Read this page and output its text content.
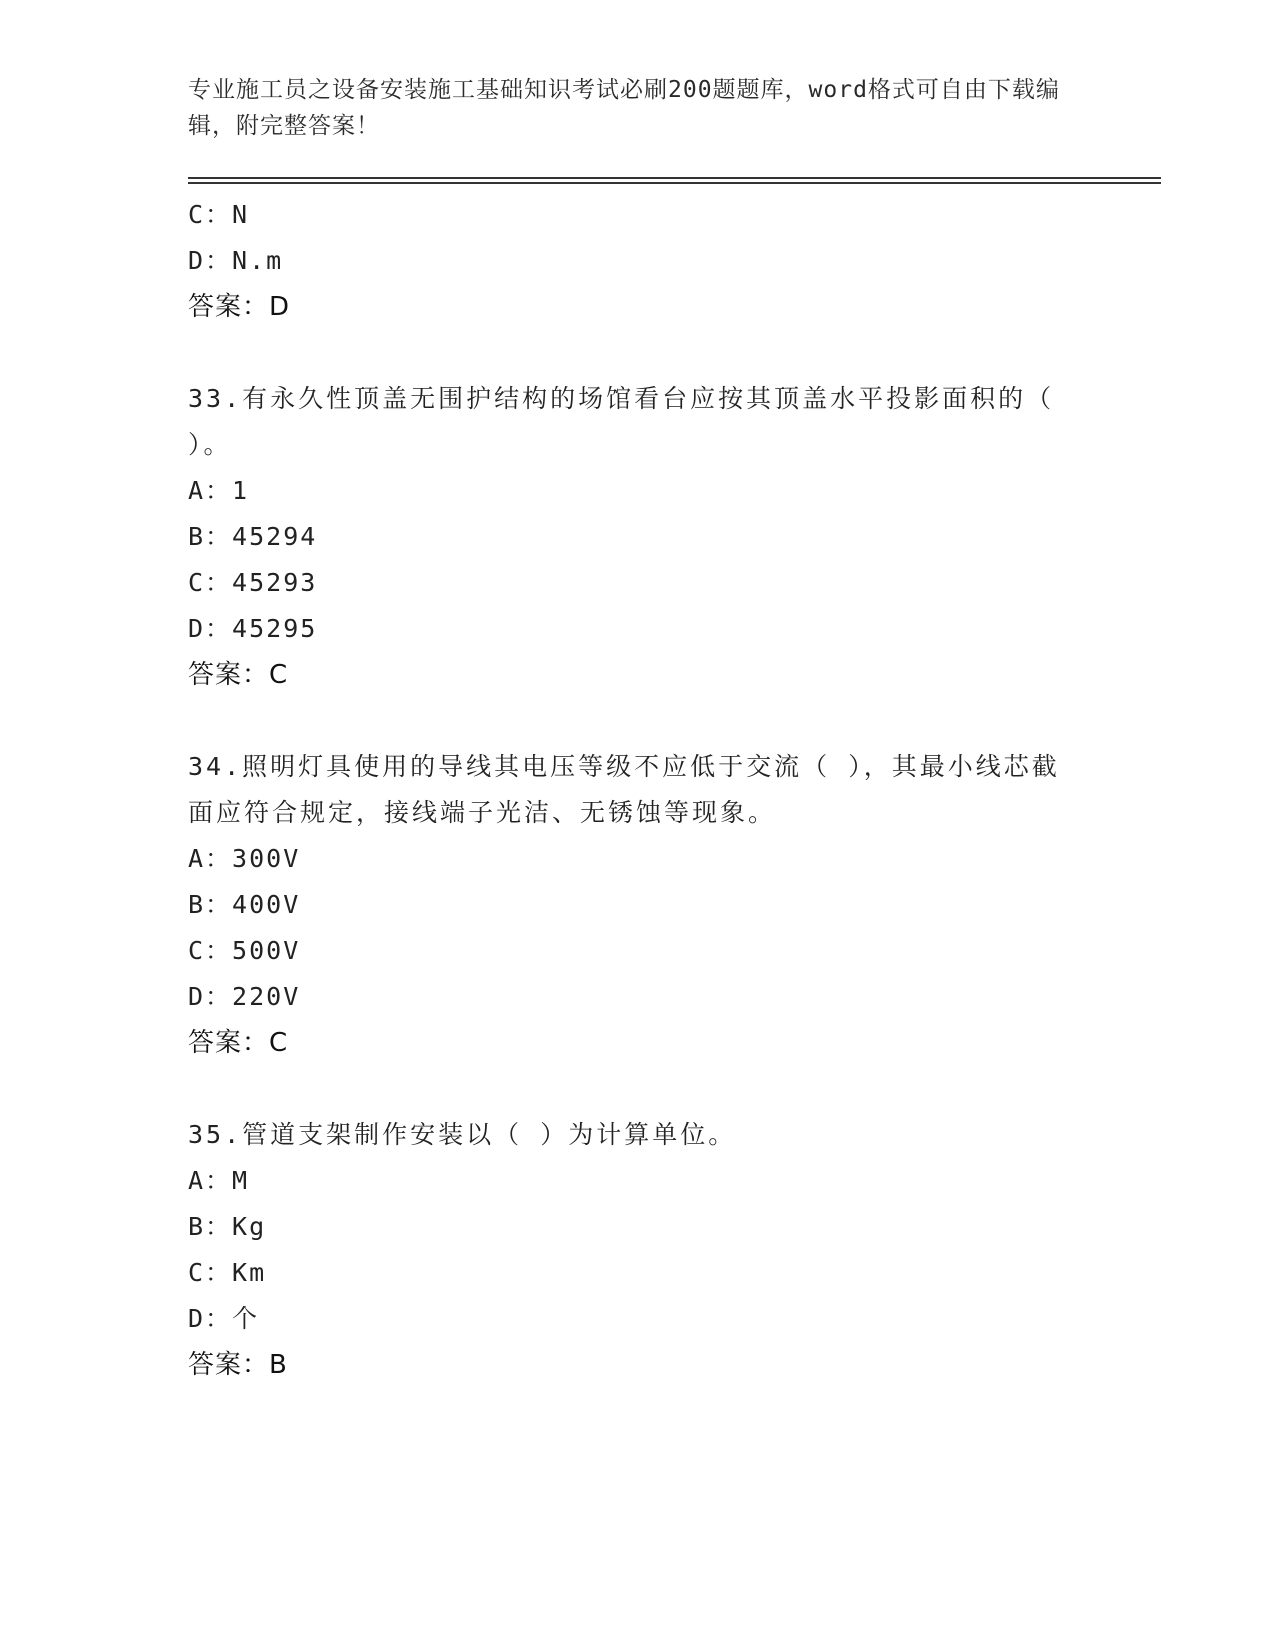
专业施工员之设备安装施工基础知识考试必刷200题题库，word格式可自由下载编辑，附完整答案！
C：N
D：N.m
答案：D
33.有永久性顶盖无围护结构的场馆看台应按其顶盖水平投影面积的（ ）。
A：1
B：45294
C：45293
D：45295
答案：C
34.照明灯具使用的导线其电压等级不应低于交流（ ），其最小线芯截面应符合规定，接线端子光洁、无锈蚀等现象。
A：300V
B：400V
C：500V
D：220V
答案：C
35.管道支架制作安装以（ ）为计算单位。
A：M
B：Kg
C：Km
D：个
答案：B
